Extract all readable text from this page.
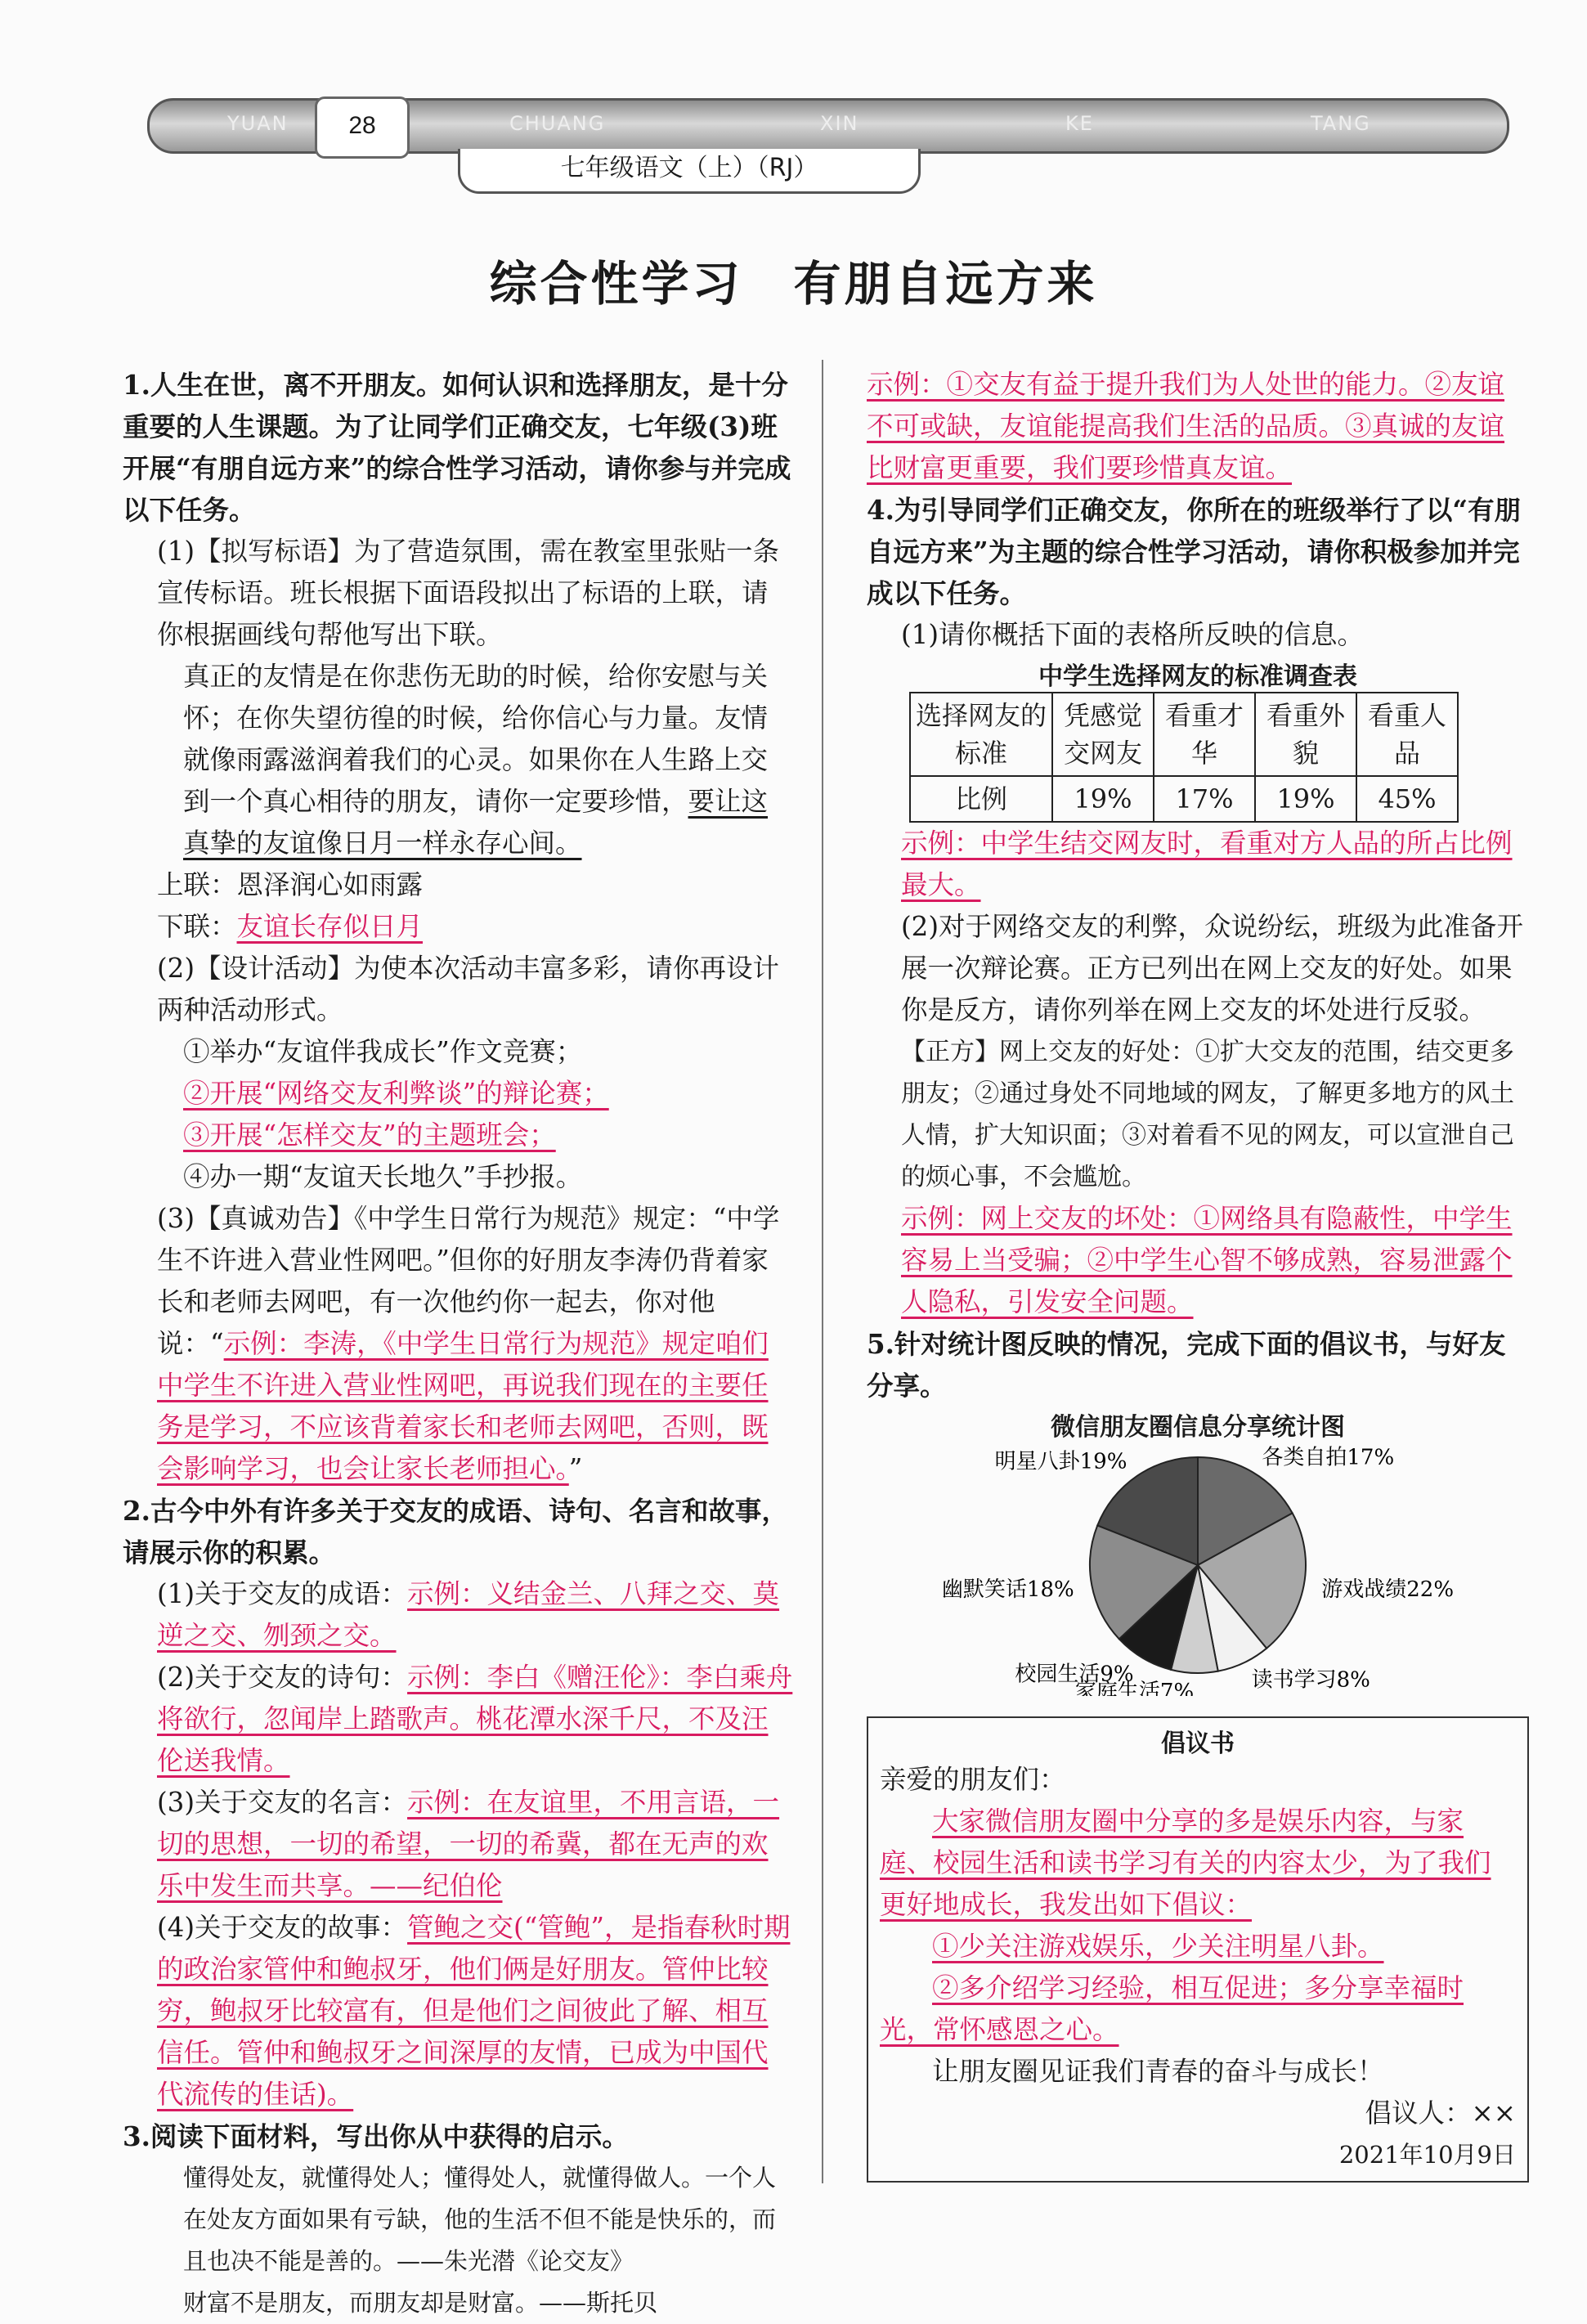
YUAN	CHUANG	XIN	KE	TANG
28
七年级语文（上）（RJ）
综合性学习　有朋自远方来

1.人生在世，离不开朋友。如何认识和选择朋友，是十分重要的人生课题。为了让同学们正确交友，七年级(3)班开展“有朋自远方来”的综合性学习活动，请你参与并完成以下任务。

(1)【拟写标语】为了营造氛围，需在教室里张贴一条宣传标语。班长根据下面语段拟出了标语的上联，请你根据画线句帮他写出下联。

真正的友情是在你悲伤无助的时候，给你安慰与关怀；在你失望彷徨的时候，给你信心与力量。友情就像雨露滋润着我们的心灵。如果你在人生路上交到一个真心相待的朋友，请你一定要珍惜，要让这真挚的友谊像日月一样永存心间。

上联：恩泽润心如雨露

下联：友谊长存似日月

(2)【设计活动】为使本次活动丰富多彩，请你再设计两种活动形式。

①举办“友谊伴我成长”作文竞赛；

②开展“网络交友利弊谈”的辩论赛；

③开展“怎样交友”的主题班会；

④办一期“友谊天长地久”手抄报。

(3)【真诚劝告】《中学生日常行为规范》规定：“中学生不许进入营业性网吧。”但你的好朋友李涛仍背着家长和老师去网吧，有一次他约你一起去，你对他说：“示例：李涛，《中学生日常行为规范》规定咱们中学生不许进入营业性网吧，再说我们现在的主要任务是学习，不应该背着家长和老师去网吧，否则，既会影响学习，也会让家长老师担心。”

2.古今中外有许多关于交友的成语、诗句、名言和故事，请展示你的积累。

(1)关于交友的成语：示例：义结金兰、八拜之交、莫逆之交、刎颈之交。

(2)关于交友的诗句：示例：李白《赠汪伦》：李白乘舟将欲行，忽闻岸上踏歌声。桃花潭水深千尺，不及汪伦送我情。

(3)关于交友的名言：示例：在友谊里，不用言语，一切的思想，一切的希望，一切的希冀，都在无声的欢乐中发生而共享。——纪伯伦

(4)关于交友的故事：管鲍之交(“管鲍”，是指春秋时期的政治家管仲和鲍叔牙，他们俩是好朋友。管仲比较穷，鲍叔牙比较富有，但是他们之间彼此了解、相互信任。管仲和鲍叔牙之间深厚的友情，已成为中国代代流传的佳话)。

3.阅读下面材料，写出你从中获得的启示。

懂得处友，就懂得处人；懂得处人，就懂得做人。一个人在处友方面如果有亏缺，他的生活不但不能是快乐的，而且也决不能是善的。——朱光潜《论交友》

财富不是朋友，而朋友却是财富。——斯托贝

示例：①交友有益于提升我们为人处世的能力。②友谊不可或缺，友谊能提高我们生活的品质。③真诚的友谊比财富更重要，我们要珍惜真友谊。

4.为引导同学们正确交友，你所在的班级举行了以“有朋自远方来”为主题的综合性学习活动，请你积极参加并完成以下任务。

(1)请你概括下面的表格所反映的信息。

中学生选择网友的标准调查表
选择网友的标准	凭感觉交网友	看重才华	看重外貌	看重人品
比例	19%	17%	19%	45%

示例：中学生结交网友时，看重对方人品的所占比例最大。

(2)对于网络交友的利弊，众说纷纭，班级为此准备开展一次辩论赛。正方已列出在网上交友的好处。如果你是反方，请你列举在网上交友的坏处进行反驳。

【正方】网上交友的好处：①扩大交友的范围，结交更多朋友；②通过身处不同地域的网友，了解更多地方的风土人情，扩大知识面；③对着看不见的网友，可以宣泄自己的烦心事，不会尴尬。

示例：网上交友的坏处：①网络具有隐蔽性，中学生容易上当受骗；②中学生心智不够成熟，容易泄露个人隐私，引发安全问题。

5.针对统计图反映的情况，完成下面的倡议书，与好友分享。

微信朋友圈信息分享统计图
各类自拍17%
游戏战绩22%
读书学习8%
家庭生活7%
校园生活9%
幽默笑话18%
明星八卦19%
倡议书

亲爱的朋友们：

大家微信朋友圈中分享的多是娱乐内容，与家庭、校园生活和读书学习有关的内容太少，为了我们更好地成长，我发出如下倡议：

①少关注游戏娱乐，少关注明星八卦。

②多介绍学习经验，相互促进；多分享幸福时光，常怀感恩之心。

让朋友圈见证我们青春的奋斗与成长！

倡议人：××

2021年10月9日
